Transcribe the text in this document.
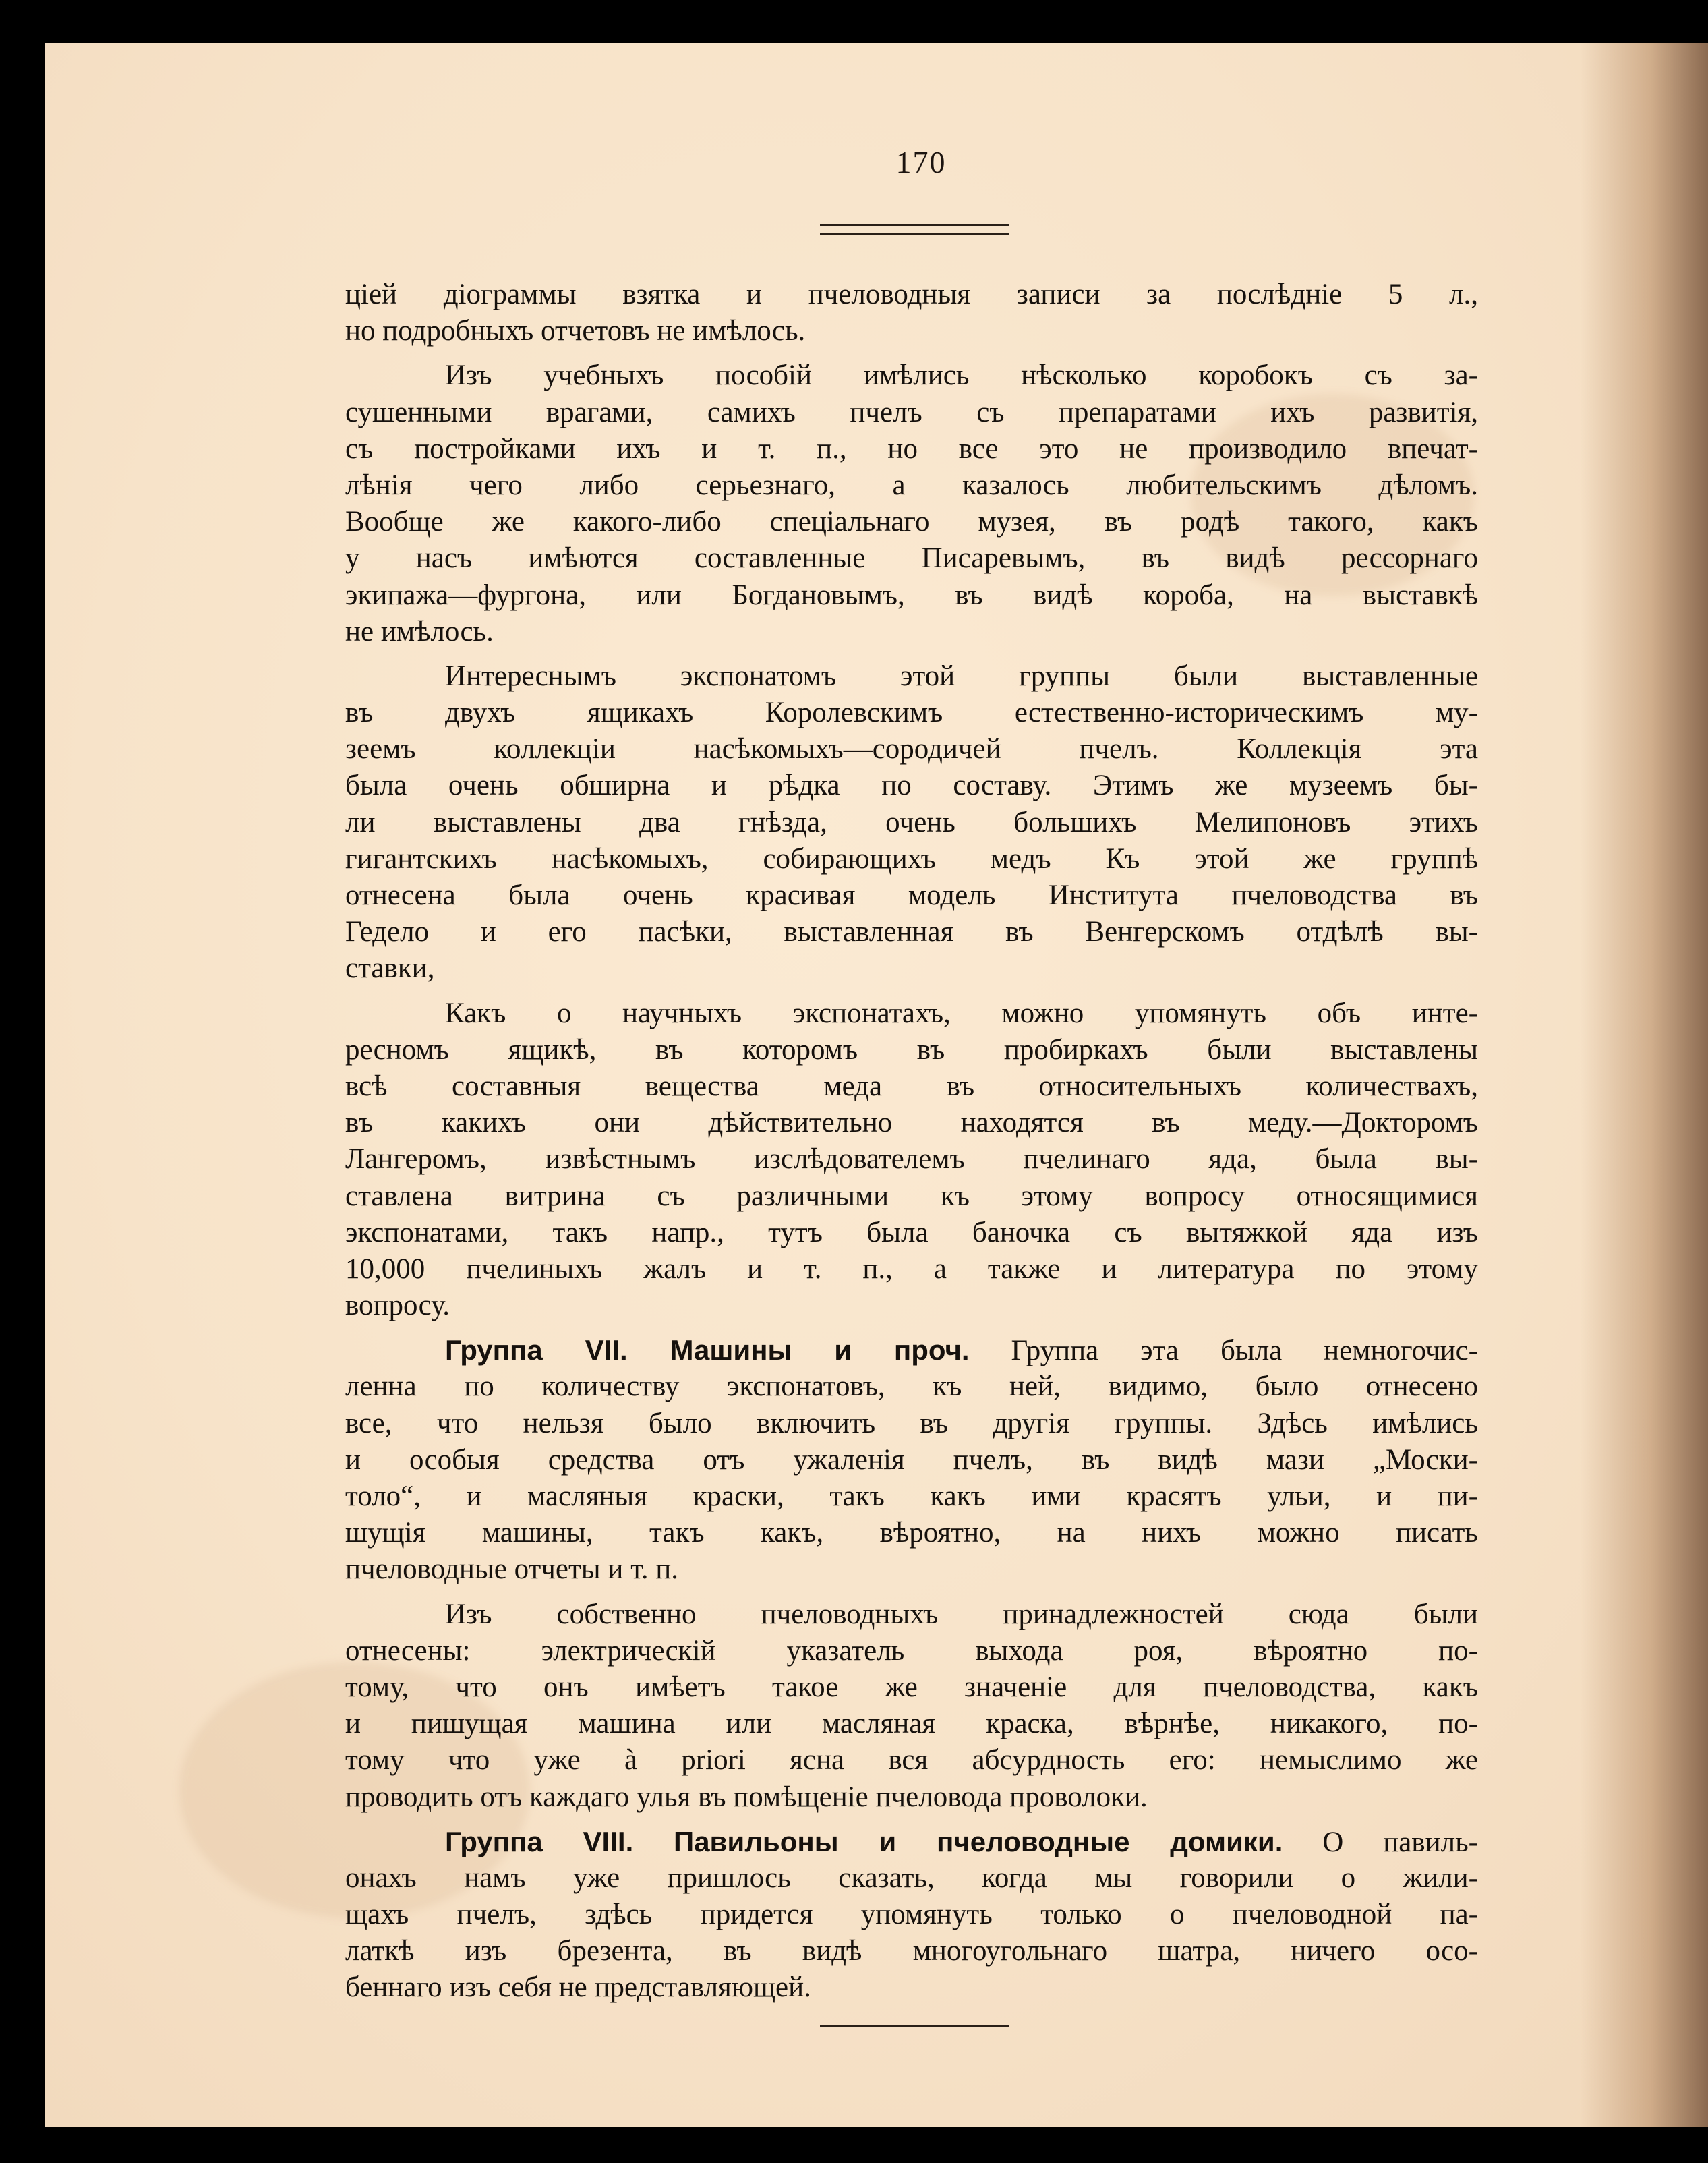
170
ціей діограммы взятка и пчеловодныя записи за послѣдніе 5 л.,
но подробныхъ отчетовъ не имѣлось.
Изъ учебныхъ пособій имѣлись нѣсколько коробокъ съ за-
сушенными врагами, самихъ пчелъ съ препаратами ихъ развитія,
съ постройками ихъ и т. п., но все это не производило впечат-
лѣнія чего либо серьезнаго, а казалось любительскимъ дѣломъ.
Вообще же какого-либо спеціальнаго музея, въ родѣ такого, какъ
у насъ имѣются составленные Писаревымъ, въ видѣ рессорнаго
экипажа—фургона, или Богдановымъ, въ видѣ короба, на выставкѣ
не имѣлось.
Интереснымъ экспонатомъ этой группы были выставленные
въ двухъ ящикахъ Королевскимъ естественно-историческимъ му-
зеемъ коллекціи насѣкомыхъ—сородичей пчелъ. Коллекція эта
была очень обширна и рѣдка по составу. Этимъ же музеемъ бы-
ли выставлены два гнѣзда, очень большихъ Мелипоновъ этихъ
гигантскихъ насѣкомыхъ, собирающихъ медъ Къ этой же группѣ
отнесена была очень красивая модель Института пчеловодства въ
Гедело и его пасѣки, выставленная въ Венгерскомъ отдѣлѣ вы-
ставки,
Какъ о научныхъ экспонатахъ, можно упомянуть объ инте-
ресномъ ящикѣ, въ которомъ въ пробиркахъ были выставлены
всѣ составныя вещества меда въ относительныхъ количествахъ,
въ какихъ они дѣйствительно находятся въ меду.—Докторомъ
Лангеромъ, извѣстнымъ изслѣдователемъ пчелинаго яда, была вы-
ставлена витрина съ различными къ этому вопросу относящимися
экспонатами, такъ напр., тутъ была баночка съ вытяжкой яда изъ
10,000 пчелиныхъ жалъ и т. п., а также и литература по этому
вопросу.
Группа VII. Машины и проч. Группа эта была немногочис-
ленна по количеству экспонатовъ, къ ней, видимо, было отнесено
все, что нельзя было включить въ другія группы. Здѣсь имѣлись
и особыя средства отъ ужаленія пчелъ, въ видѣ мази „Моски-
толо“, и масляныя краски, такъ какъ ими красятъ ульи, и пи-
шущія машины, такъ какъ, вѣроятно, на нихъ можно писать
пчеловодные отчеты и т. п.
Изъ собственно пчеловодныхъ принадлежностей сюда были
отнесены: электрическій указатель выхода роя, вѣроятно по-
тому, что онъ имѣетъ такое же значеніе для пчеловодства, какъ
и пишущая машина или масляная краска, вѣрнѣе, никакого, по-
тому что уже à priori ясна вся абсурдность его: немыслимо же
проводить отъ каждаго улья въ помѣщеніе пчеловода проволоки.
Группа VIII. Павильоны и пчеловодные домики. О павиль-
онахъ намъ уже пришлось сказать, когда мы говорили о жили-
щахъ пчелъ, здѣсь придется упомянуть только о пчеловодной па-
латкѣ изъ брезента, въ видѣ многоугольнаго шатра, ничего осо-
беннаго изъ себя не представляющей.
